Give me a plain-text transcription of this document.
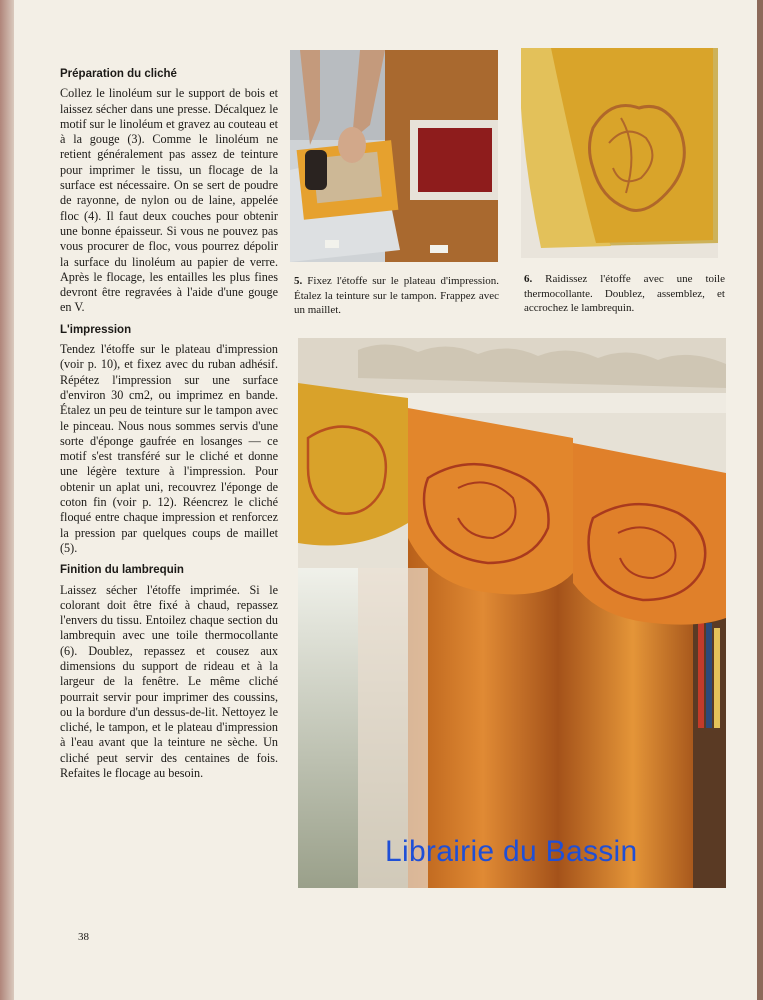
Préparation du cliché

Collez le linoléum sur le support de bois et laissez sécher dans une presse. Décalquez le motif sur le linoléum et gravez au couteau et à la gouge (3). Comme le linoléum ne retient généralement pas assez de teinture pour imprimer le tissu, un flocage de la surface est nécessaire. On se sert de poudre de rayonne, de nylon ou de laine, appelée floc (4). Il faut deux couches pour obtenir une bonne épaisseur. Si vous ne pouvez pas vous procurer de floc, vous pourrez dépolir la surface du linoléum au papier de verre. Après le flocage, les entailles les plus fines devront être regravées à l'aide d'une gouge en V.

L'impression

Tendez l'étoffe sur le plateau d'impression (voir p. 10), et fixez avec du ruban adhésif. Répétez l'impression sur une surface d'environ 30 cm2, ou imprimez en bande. Étalez un peu de teinture sur le tampon avec le pinceau. Nous nous sommes servis d'une sorte d'éponge gaufrée en losanges — ce motif s'est transféré sur le cliché et donne une légère texture à l'impression. Pour obtenir un aplat uni, recouvrez l'éponge de coton fin (voir p. 12). Réencrez le cliché floqué entre chaque impression et renforcez la pression par quelques coups de maillet (5).

Finition du lambrequin

Laissez sécher l'étoffe imprimée. Si le colorant doit être fixé à chaud, repassez l'envers du tissu. Entoilez chaque section du lambrequin avec une toile thermocollante (6). Doublez, repassez et cousez aux dimensions du support de rideau et à la largeur de la fenêtre. Le même cliché pourrait servir pour imprimer des coussins, ou la bordure d'un dessus-de-lit. Nettoyez le cliché, le tampon, et le plateau d'impression à l'eau avant que la teinture ne sèche. Un cliché peut servir des centaines de fois. Refaites le flocage au besoin.

5. Fixez l'étoffe sur le plateau d'impression. Étalez la teinture sur le tampon. Frappez avec un maillet.
6. Raidissez l'étoffe avec une toile thermocollante. Doublez, assemblez, et accrochez le lambrequin.
38
Librairie du Bassin
